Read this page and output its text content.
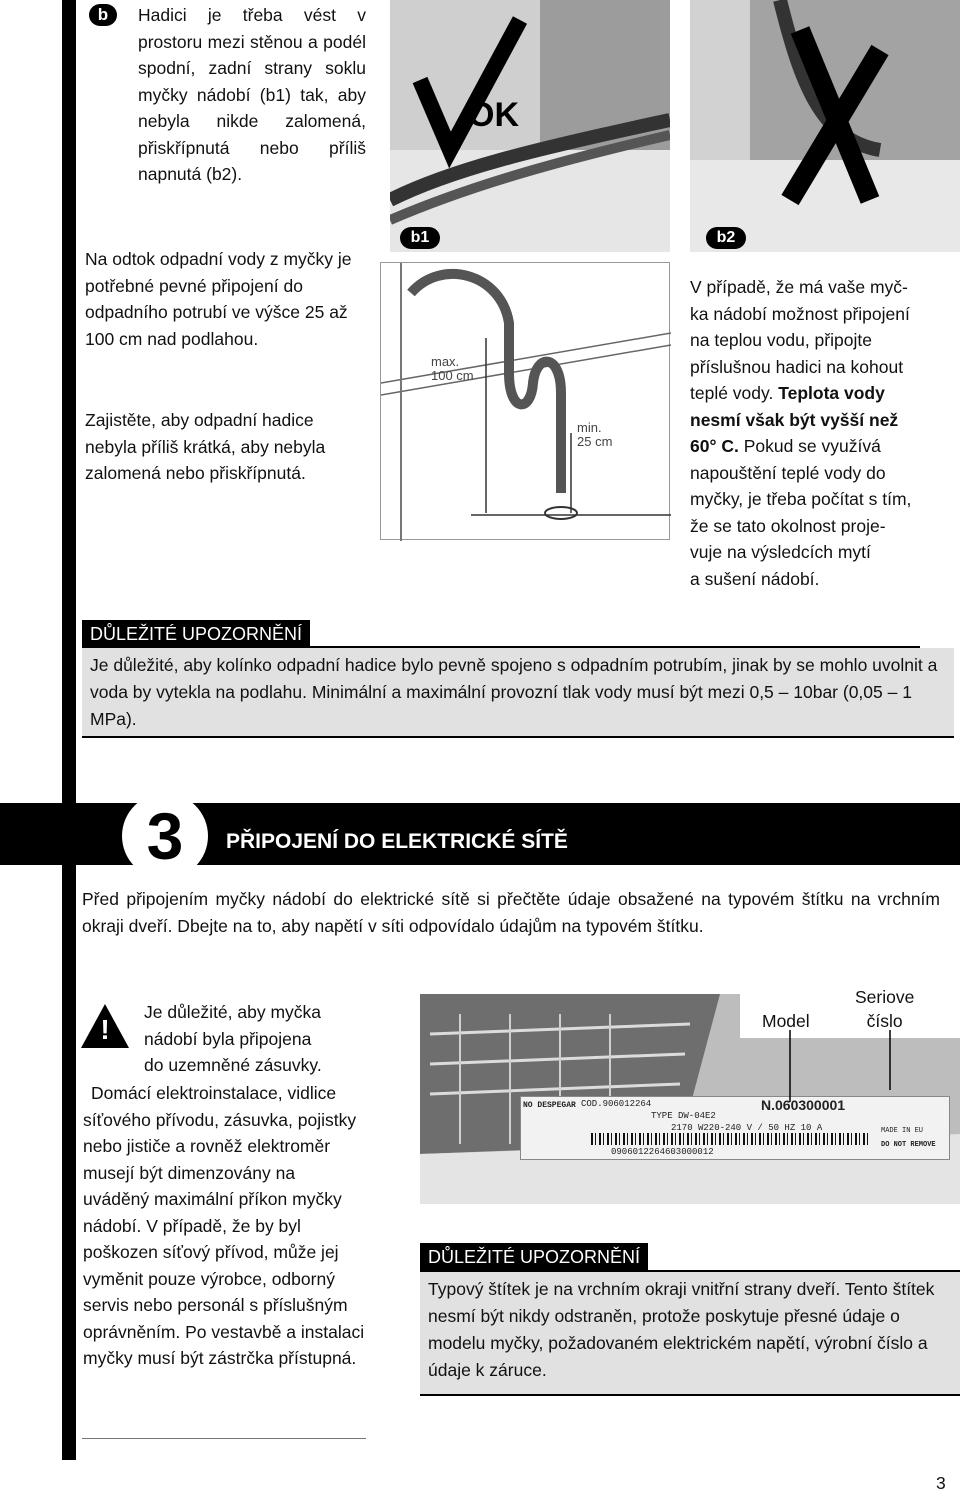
b	Hadici je třeba vést v prostoru mezi stěnou a podél spodní, zadní strany soklu myčky nádobí (b1) tak, aby nebyla nikde zalomená, přiskřípnutá nebo příliš napnutá (b2).
Na odtok odpadní vody z myčky je potřebné pevné připojení do odpadního potrubí ve výšce 25 až 100 cm nad podlahou.
Zajistěte, aby odpadní hadice nebyla příliš krátká, aby nebyla zalomená nebo přiskřípnutá.
OK
b1	b2
max.
100 cm
min.
25 cm
V případě, že má vaše myč-
ka nádobí možnost připojení
na teplou vodu, připojte
příslušnou hadici na kohout
teplé vody. Teplota vody
nesmí však být vyšší než
60° C. Pokud se využívá
napouštění teplé vody do
myčky, je třeba počítat s tím,
že se tato okolnost proje-
vuje na výsledcích mytí
a sušení nádobí.
DŮLEŽITÉ UPOZORNĚNÍ
Je důležité, aby kolínko odpadní hadice bylo pevně spojeno s odpadním potrubím, jinak by se mohlo uvolnit a voda by vytekla na podlahu. Minimální a maximální provozní tlak vody musí být mezi 0,5 – 10bar (0,05 – 1 MPa).
3	PŘIPOJENÍ DO ELEKTRICKÉ SÍTĚ
Před připojením myčky nádobí do elektrické sítě si přečtěte údaje obsažené na typovém štítku na vrchním okraji dveří. Dbejte na to, aby napětí v síti odpovídalo údajům na typovém štítku.
!
Je důležité, aby myčka
nádobí byla připojena
do uzemněné zásuvky.
Domácí elektroinstalace, vidlice síťového přívodu, zásuvka, pojistky nebo jističe a rovněž elektroměr musejí být dimenzovány na uváděný maximální příkon myčky nádobí. V případě, že by byl poškozen síťový přívod, může jej vyměnit pouze výrobce, odborný servis nebo personál s příslušným oprávněním. Po vestavbě a instalaci myčky musí být zástrčka přístupná.
NO DESPEGAR COD.906012264	N.060300001
TYPE DW-04E2
2170 W220-240 V / 50 HZ 10 A
0906012264603000012
MADE IN EU
DO NOT REMOVE
Model
Seriove
číslo
DŮLEŽITÉ UPOZORNĚNÍ
Typový štítek je na vrchním okraji vnitřní strany dveří. Tento štítek nesmí být nikdy odstraněn, protože poskytuje přesné údaje o modelu myčky, požadovaném elektrickém napětí, výrobní číslo a údaje k záruce.
3
